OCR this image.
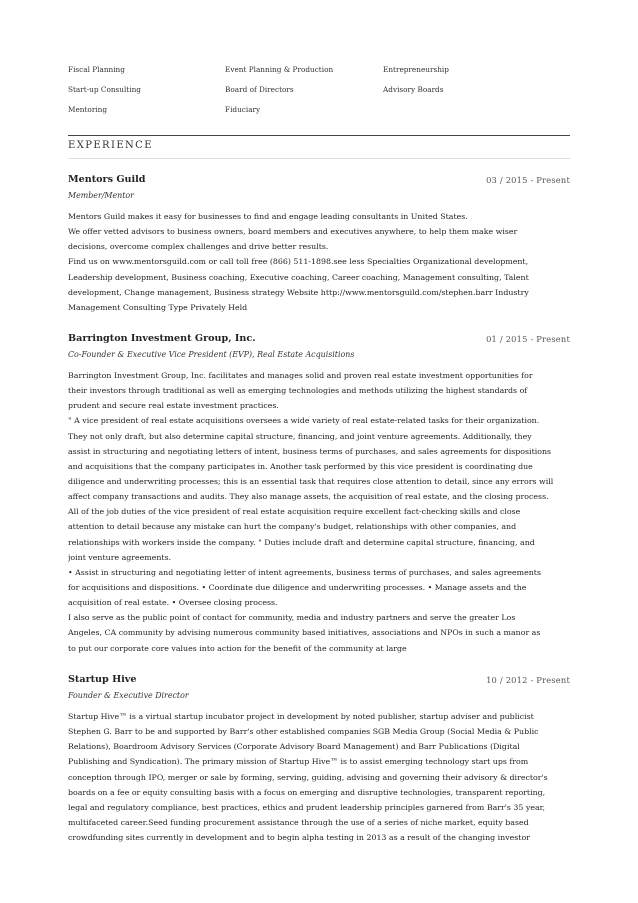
Fiscal Planning	Event Planning & Production	Entrepreneurship
Start-up Consulting	Board of Directors	Advisory Boards
Mentoring	Fiduciary
EXPERIENCE
Mentors Guild	03 / 2015 - Present
Member/Mentor
Mentors Guild makes it easy for businesses to find and engage leading consultants in United States.
We offer vetted advisors to business owners, board members and executives anywhere, to help them make wiser
decisions, overcome complex challenges and drive better results.
Find us on www.mentorsguild.com or call toll free (866) 511-1898.see less Specialties Organizational development,
Leadership development, Business coaching, Executive coaching, Career coaching, Management consulting, Talent
development, Change management, Business strategy Website http://www.mentorsguild.com/stephen.barr Industry
Management Consulting Type Privately Held
Barrington Investment Group, Inc.	01 / 2015 - Present
Co-Founder & Executive Vice President (EVP), Real Estate Acquisitions
Barrington Investment Group, Inc. facilitates and manages solid and proven real estate investment opportunities for
their investors through traditional as well as emerging technologies and methods utilizing the highest standards of
prudent and secure real estate investment practices.
" A vice president of real estate acquisitions oversees a wide variety of real estate-related tasks for their organization.
They not only draft, but also determine capital structure, financing, and joint venture agreements. Additionally, they
assist in structuring and negotiating letters of intent, business terms of purchases, and sales agreements for dispositions
and acquisitions that the company participates in. Another task performed by this vice president is coordinating due
diligence and underwriting processes; this is an essential task that requires close attention to detail, since any errors will
affect company transactions and audits. They also manage assets, the acquisition of real estate, and the closing process.
All of the job duties of the vice president of real estate acquisition require excellent fact-checking skills and close
attention to detail because any mistake can hurt the company's budget, relationships with other companies, and
relationships with workers inside the company. " Duties include draft and determine capital structure, financing, and
joint venture agreements.
• Assist in structuring and negotiating letter of intent agreements, business terms of purchases, and sales agreements
for acquisitions and dispositions. • Coordinate due diligence and underwriting processes. • Manage assets and the
acquisition of real estate. • Oversee closing process.
I also serve as the public point of contact for community, media and industry partners and serve the greater Los
Angeles, CA community by advising numerous community based initiatives, associations and NPOs in such a manor as
to put our corporate core values into action for the benefit of the community at large
Startup Hive	10 / 2012 - Present
Founder & Executive Director
Startup Hive™ is a virtual startup incubator project in development by noted publisher, startup adviser and publicist
Stephen G. Barr to be and supported by Barr's other established companies SGB Media Group (Social Media & Public
Relations), Boardroom Advisory Services (Corporate Advisory Board Management) and Barr Publications (Digital
Publishing and Syndication). The primary mission of Startup Hive™ is to assist emerging technology start ups from
conception through IPO, merger or sale by forming, serving, guiding, advising and governing their advisory & director's
boards on a fee or equity consulting basis with a focus on emerging and disruptive technologies, transparent reporting,
legal and regulatory compliance, best practices, ethics and prudent leadership principles garnered from Barr's 35 year,
multifaceted career.Seed funding procurement assistance through the use of a series of niche market, equity based
crowdfunding sites currently in development and to begin alpha testing in 2013 as a result of the changing investor
